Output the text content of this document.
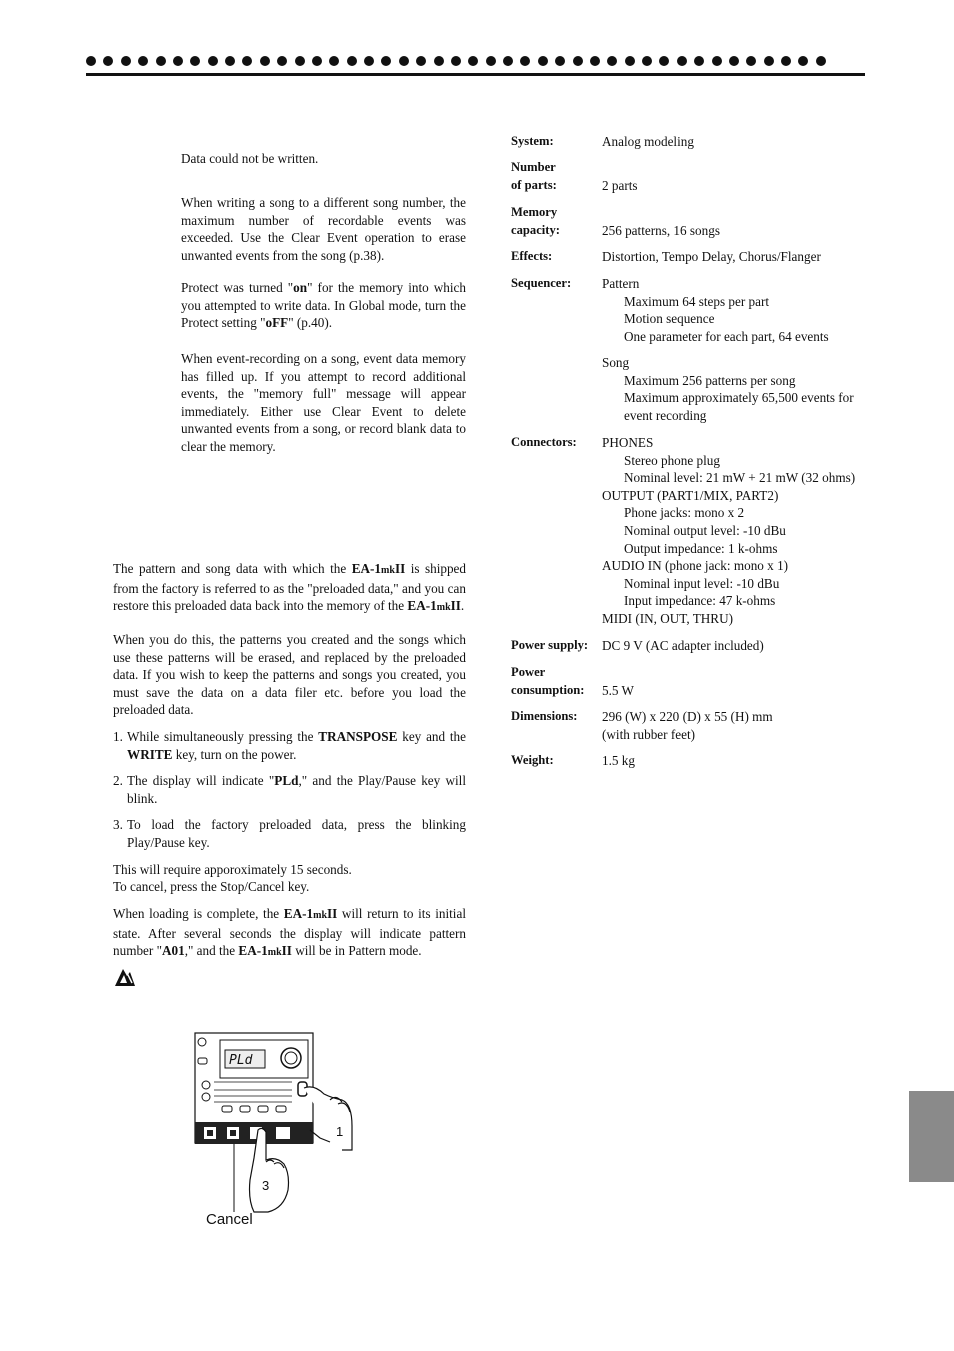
Data could not be written.

When writing a song to a different song number, the maximum number of recordable events was exceeded. Use the Clear Event operation to erase unwanted events from the song (p.38).

Protect was turned "on" for the memory into which you attempted to write data. In Global mode, turn the Protect setting "oFF" (p.40).

When event-recording on a song, event data memory has filled up. If you attempt to record additional events, the "memory full" message will appear immediately. Either use Clear Event to delete unwanted events from a song, or record blank data to clear the memory.

The pattern and song data with which the EA-1mkII is shipped from the factory is referred to as the "preloaded data," and you can restore this preloaded data back into the memory of the EA-1mkII.

When you do this, the patterns you created and the songs which use these patterns will be erased, and replaced by the preloaded data. If you wish to keep the patterns and songs you created, you must save the data on a data filer etc. before you load the preloaded data.

1. While simultaneously pressing the TRANSPOSE key and the WRITE key, turn on the power.
2. The display will indicate "PLd," and the Play/Pause key will blink.
3. To load the factory preloaded data, press the blinking Play/Pause key.

This will require apporoximately 15 seconds.

To cancel, press the Stop/Cancel key.

When loading is complete, the EA-1mkII will return to its initial state. After several seconds the display will indicate pattern number "A01," and the EA-1mkII will be in Pattern mode.

PLd
1
3
Cancel
System:	Analog modeling
Number
of parts:	2 parts
Memory
capacity:	256 patterns, 16 songs
Effects:	Distortion, Tempo Delay, Chorus/Flanger
Sequencer: Pattern
Maximum 64 steps per part
Motion sequence
One parameter for each part, 64 events
Song
Maximum 256 patterns per song
Maximum approximately 65,500 events for
event recording
Connectors: PHONES
Stereo phone plug
Nominal level: 21 mW + 21 mW (32 ohms)
OUTPUT (PART1/MIX, PART2)
Phone jacks: mono x 2
Nominal output level: -10 dBu
Output impedance: 1 k-ohms
AUDIO IN (phone jack: mono x 1)
Nominal input level: -10 dBu
Input impedance: 47 k-ohms
MIDI (IN, OUT, THRU)
Power supply: DC 9 V (AC adapter included)
Power
consumption: 5.5 W
Dimensions: 296 (W) x 220 (D) x 55 (H) mm
(with rubber feet)
Weight:	1.5 kg
